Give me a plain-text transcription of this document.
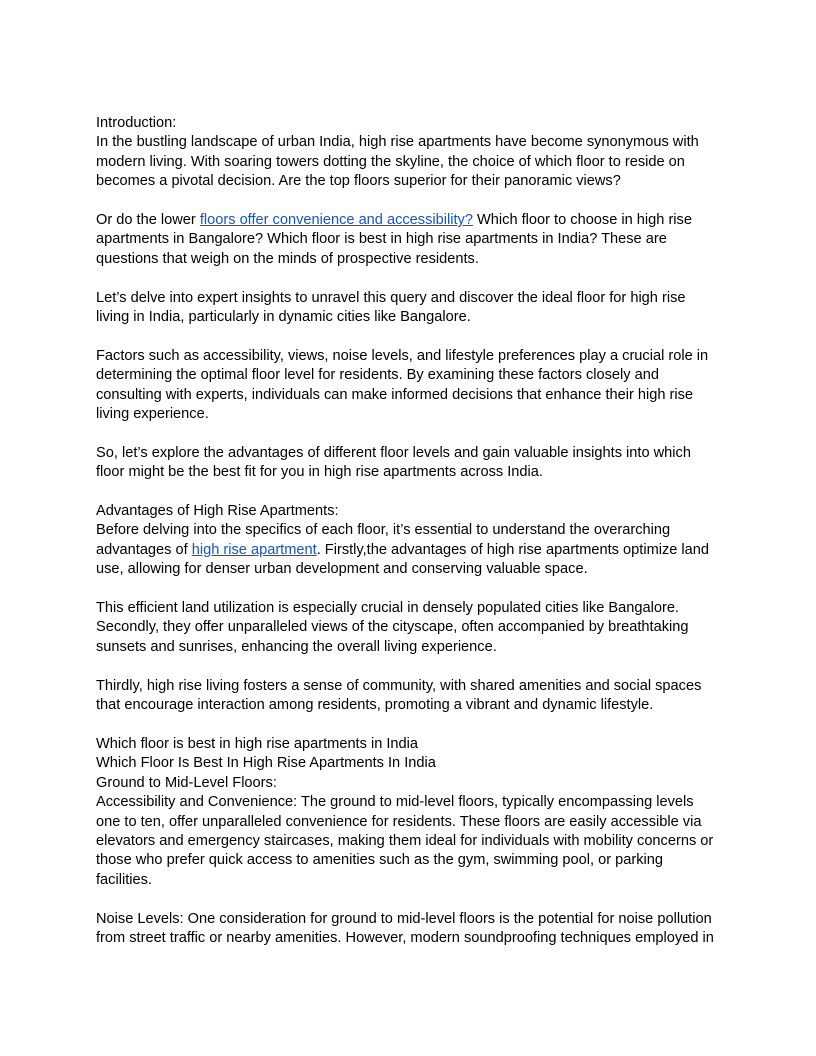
Introduction:

In the bustling landscape of urban India, high rise apartments have become synonymous with modern living. With soaring towers dotting the skyline, the choice of which floor to reside on becomes a pivotal decision. Are the top floors superior for their panoramic views?

Or do the lower floors offer convenience and accessibility? Which floor to choose in high rise apartments in Bangalore? Which floor is best in high rise apartments in India? These are questions that weigh on the minds of prospective residents.

Let’s delve into expert insights to unravel this query and discover the ideal floor for high rise living in India, particularly in dynamic cities like Bangalore.

Factors such as accessibility, views, noise levels, and lifestyle preferences play a crucial role in determining the optimal floor level for residents. By examining these factors closely and consulting with experts, individuals can make informed decisions that enhance their high rise living experience.

So, let’s explore the advantages of different floor levels and gain valuable insights into which floor might be the best fit for you in high rise apartments across India.

Advantages of High Rise Apartments:

Before delving into the specifics of each floor, it’s essential to understand the overarching advantages of high rise apartment. Firstly,the advantages of high rise apartments optimize land use, allowing for denser urban development and conserving valuable space.

This efficient land utilization is especially crucial in densely populated cities like Bangalore. Secondly, they offer unparalleled views of the cityscape, often accompanied by breathtaking sunsets and sunrises, enhancing the overall living experience.

Thirdly, high rise living fosters a sense of community, with shared amenities and social spaces that encourage interaction among residents, promoting a vibrant and dynamic lifestyle.

Which floor is best in high rise apartments in India

Which Floor Is Best In High Rise Apartments In India

Ground to Mid-Level Floors:

Accessibility and Convenience: The ground to mid-level floors, typically encompassing levels one to ten, offer unparalleled convenience for residents. These floors are easily accessible via elevators and emergency staircases, making them ideal for individuals with mobility concerns or those who prefer quick access to amenities such as the gym, swimming pool, or parking facilities.

Noise Levels: One consideration for ground to mid-level floors is the potential for noise pollution from street traffic or nearby amenities. However, modern soundproofing techniques employed in
